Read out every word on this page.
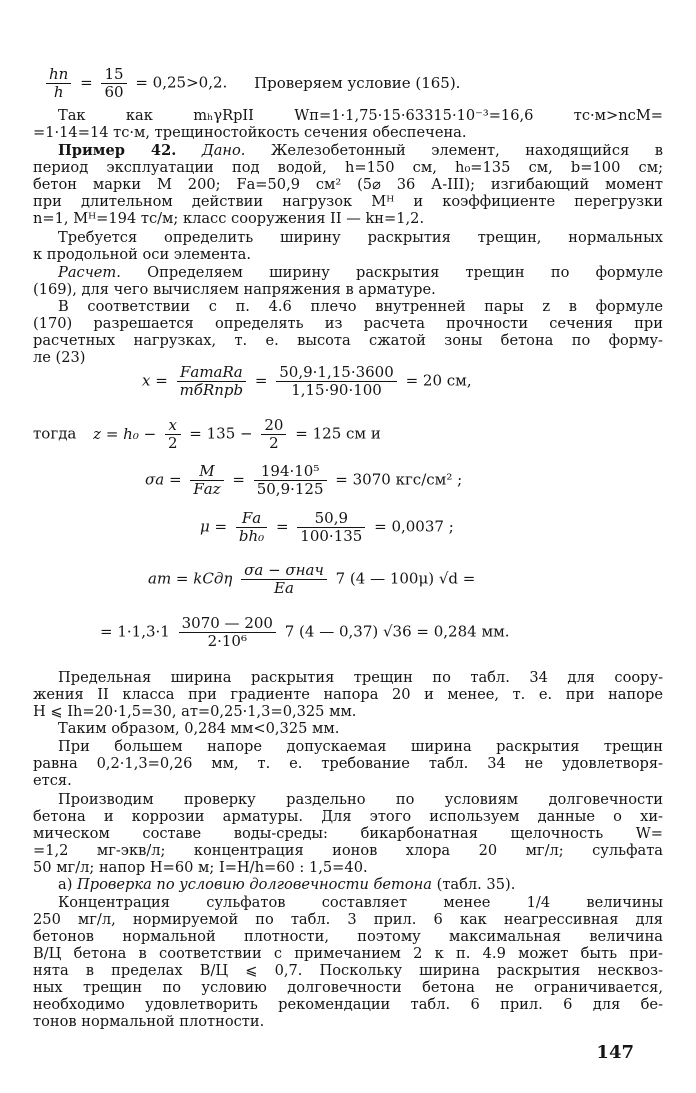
$\frac{hп}{h} = \frac{15}{60} = 0,25>0,2$. Проверяем условие (165).
Так как mₕγRрІІ Wп=1·1,75·15·63315·10⁻³=16,6 тс·м>nсM=
=1·14=14 тс·м, трещиностойкость сечения обеспечена.
Пример 42. Дано. Железобетонный элемент, находящийся в
период эксплуатации под водой, h=150 см, h₀=135 см, b=100 см;
бетон марки М 200; Fа=50,9 см² (5⌀ 36 А-III); изгибающий момент
при длительном действии нагрузок Mᴴ и коэффициенте перегрузки
n=1, Mᴴ=194 тс/м; класс сооружения II — kн=1,2.
Требуется определить ширину раскрытия трещин, нормальных
к продольной оси элемента.
Расчет. Определяем ширину раскрытия трещин по формуле
(169), для чего вычисляем напряжения в арматуре.
В соответствии с п. 4.6 плечо внутренней пары z в формуле
(170) разрешается определять из расчета прочности сечения при
расчетных нагрузках, т. е. высота сжатой зоны бетона по форму-
ле (23)
$x = \frac{\text{FаmаRа}}{\text{mбRпрb}} = \frac{50,9\cdot 1,15\cdot 3600}{1,15\cdot 90\cdot 100} = 20$ см,
тогда $z = h_0 - \frac{x}{2} = 135 - \frac{20}{2} = 125$ см и
$\sigma а = \frac{M}{\text{Fаz}} = \frac{\text{194·10⁵}}{50,9\cdot 125} = 3070$ кгс/см² ;
$\mu = \frac{Fа}{\text{bh₀}} = \frac{50,9}{100\cdot 135} = 0,0037$ ;
aт = kCдη $\frac{\text{σа − σнач}}{Eа} 7$ (4 — 100μ) √d =
= $1\cdot 1,3\cdot 1 \frac{3070 — 200}{\text{2·10⁶}} 7$ (4 — 0,37) √36 = 0,284 мм.
Предельная ширина раскрытия трещин по табл. 34 для соору-
жения II класса при градиенте напора 20 и менее, т. е. при напоре
H ⩽ Ih=20·1,5=30, aт=0,25·1,3=0,325 мм.
Таким образом, 0,284 мм<0,325 мм.
При большем напоре допускаемая ширина раскрытия трещин
равна 0,2·1,3=0,26 мм, т. е. требование табл. 34 не удовлетворя-
ется.
Производим проверку раздельно по условиям долговечности
бетона и коррозии арматуры. Для этого используем данные о хи-
мическом составе воды-среды: бикарбонатная щелочность W=
=1,2 мг-экв/л; концентрация ионов хлора 20 мг/л; сульфата
50 мг/л; напор H=60 м; I=H/h=60 : 1,5=40.
а) Проверка по условию долговечности бетона (табл. 35).
Концентрация сульфатов составляет менее 1/4 величины
250 мг/л, нормируемой по табл. 3 прил. 6 как неагрессивная для
бетонов нормальной плотности, поэтому максимальная величина
В/Ц бетона в соответствии с примечанием 2 к п. 4.9 может быть при-
нята в пределах В/Ц ⩽ 0,7. Поскольку ширина раскрытия несквоз-
ных трещин по условию долговечности бетона не ограничивается,
необходимо удовлетворить рекомендации табл. 6 прил. 6 для бе-
тонов нормальной плотности.
147
